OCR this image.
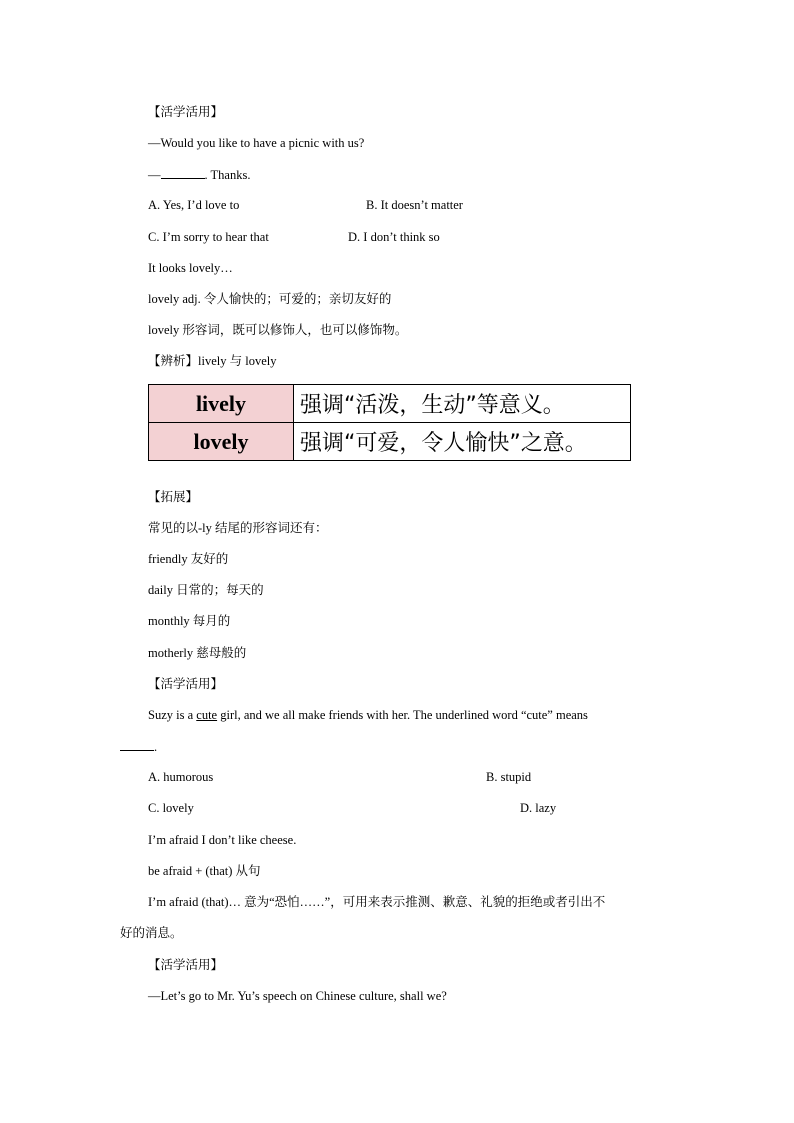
【活学活用】
—Would you like to have a picnic with us?
—	. Thanks.
A. Yes, I’d love to	B. It doesn’t matter
C. I’m sorry to hear that	D. I don’t think so
It looks lovely…
lovely adj. 令人愉快的；可爱的；亲切友好的
lovely 形容词，既可以修饰人，也可以修饰物。
【辨析】lively 与 lovely
lively	强调“活泼，生动”等意义。
lovely	强调“可爱，令人愉快”之意。
【拓展】
常见的以-ly 结尾的形容词还有：
friendly 友好的
daily 日常的；每天的
monthly 每月的
motherly 慈母般的
【活学活用】
Suzy is a cute girl, and we all make friends with her. The underlined word “cute” means
.
A. humorous	B. stupid
C. lovely	D. lazy
I’m afraid I don’t like cheese.
be afraid + (that) 从句
I’m afraid (that)… 意为“恐怕……”，可用来表示推测、歉意、礼貌的拒绝或者引出不
好的消息。
【活学活用】
—Let’s go to Mr. Yu’s speech on Chinese culture, shall we?
